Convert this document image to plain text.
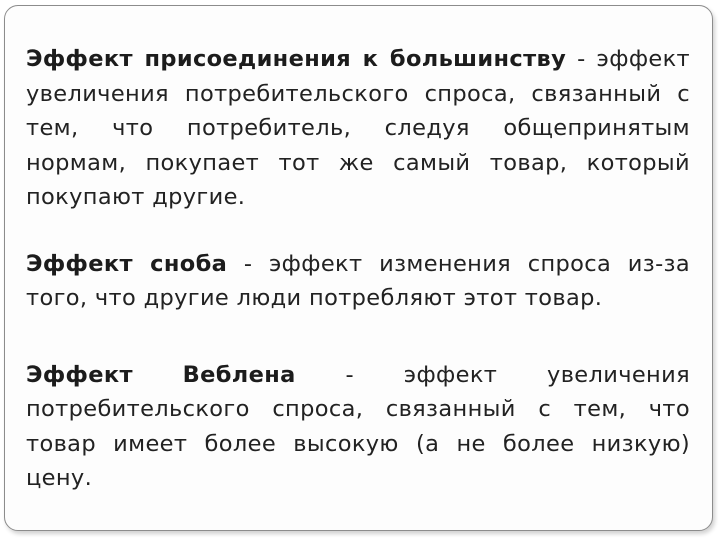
Эффект присоединения к большинству - эффект увеличения потребительского спроса, связанный с тем, что потребитель, следуя общепринятым нормам, покупает тот же самый товар, который покупают другие.

Эффект сноба - эффект изменения спроса из-за того, что другие люди потребляют этот товар.

Эффект Веблена - эффект увеличения
потребительского спроса, связанный с тем, что товар имеет более высокую (а не более низкую) цену.
